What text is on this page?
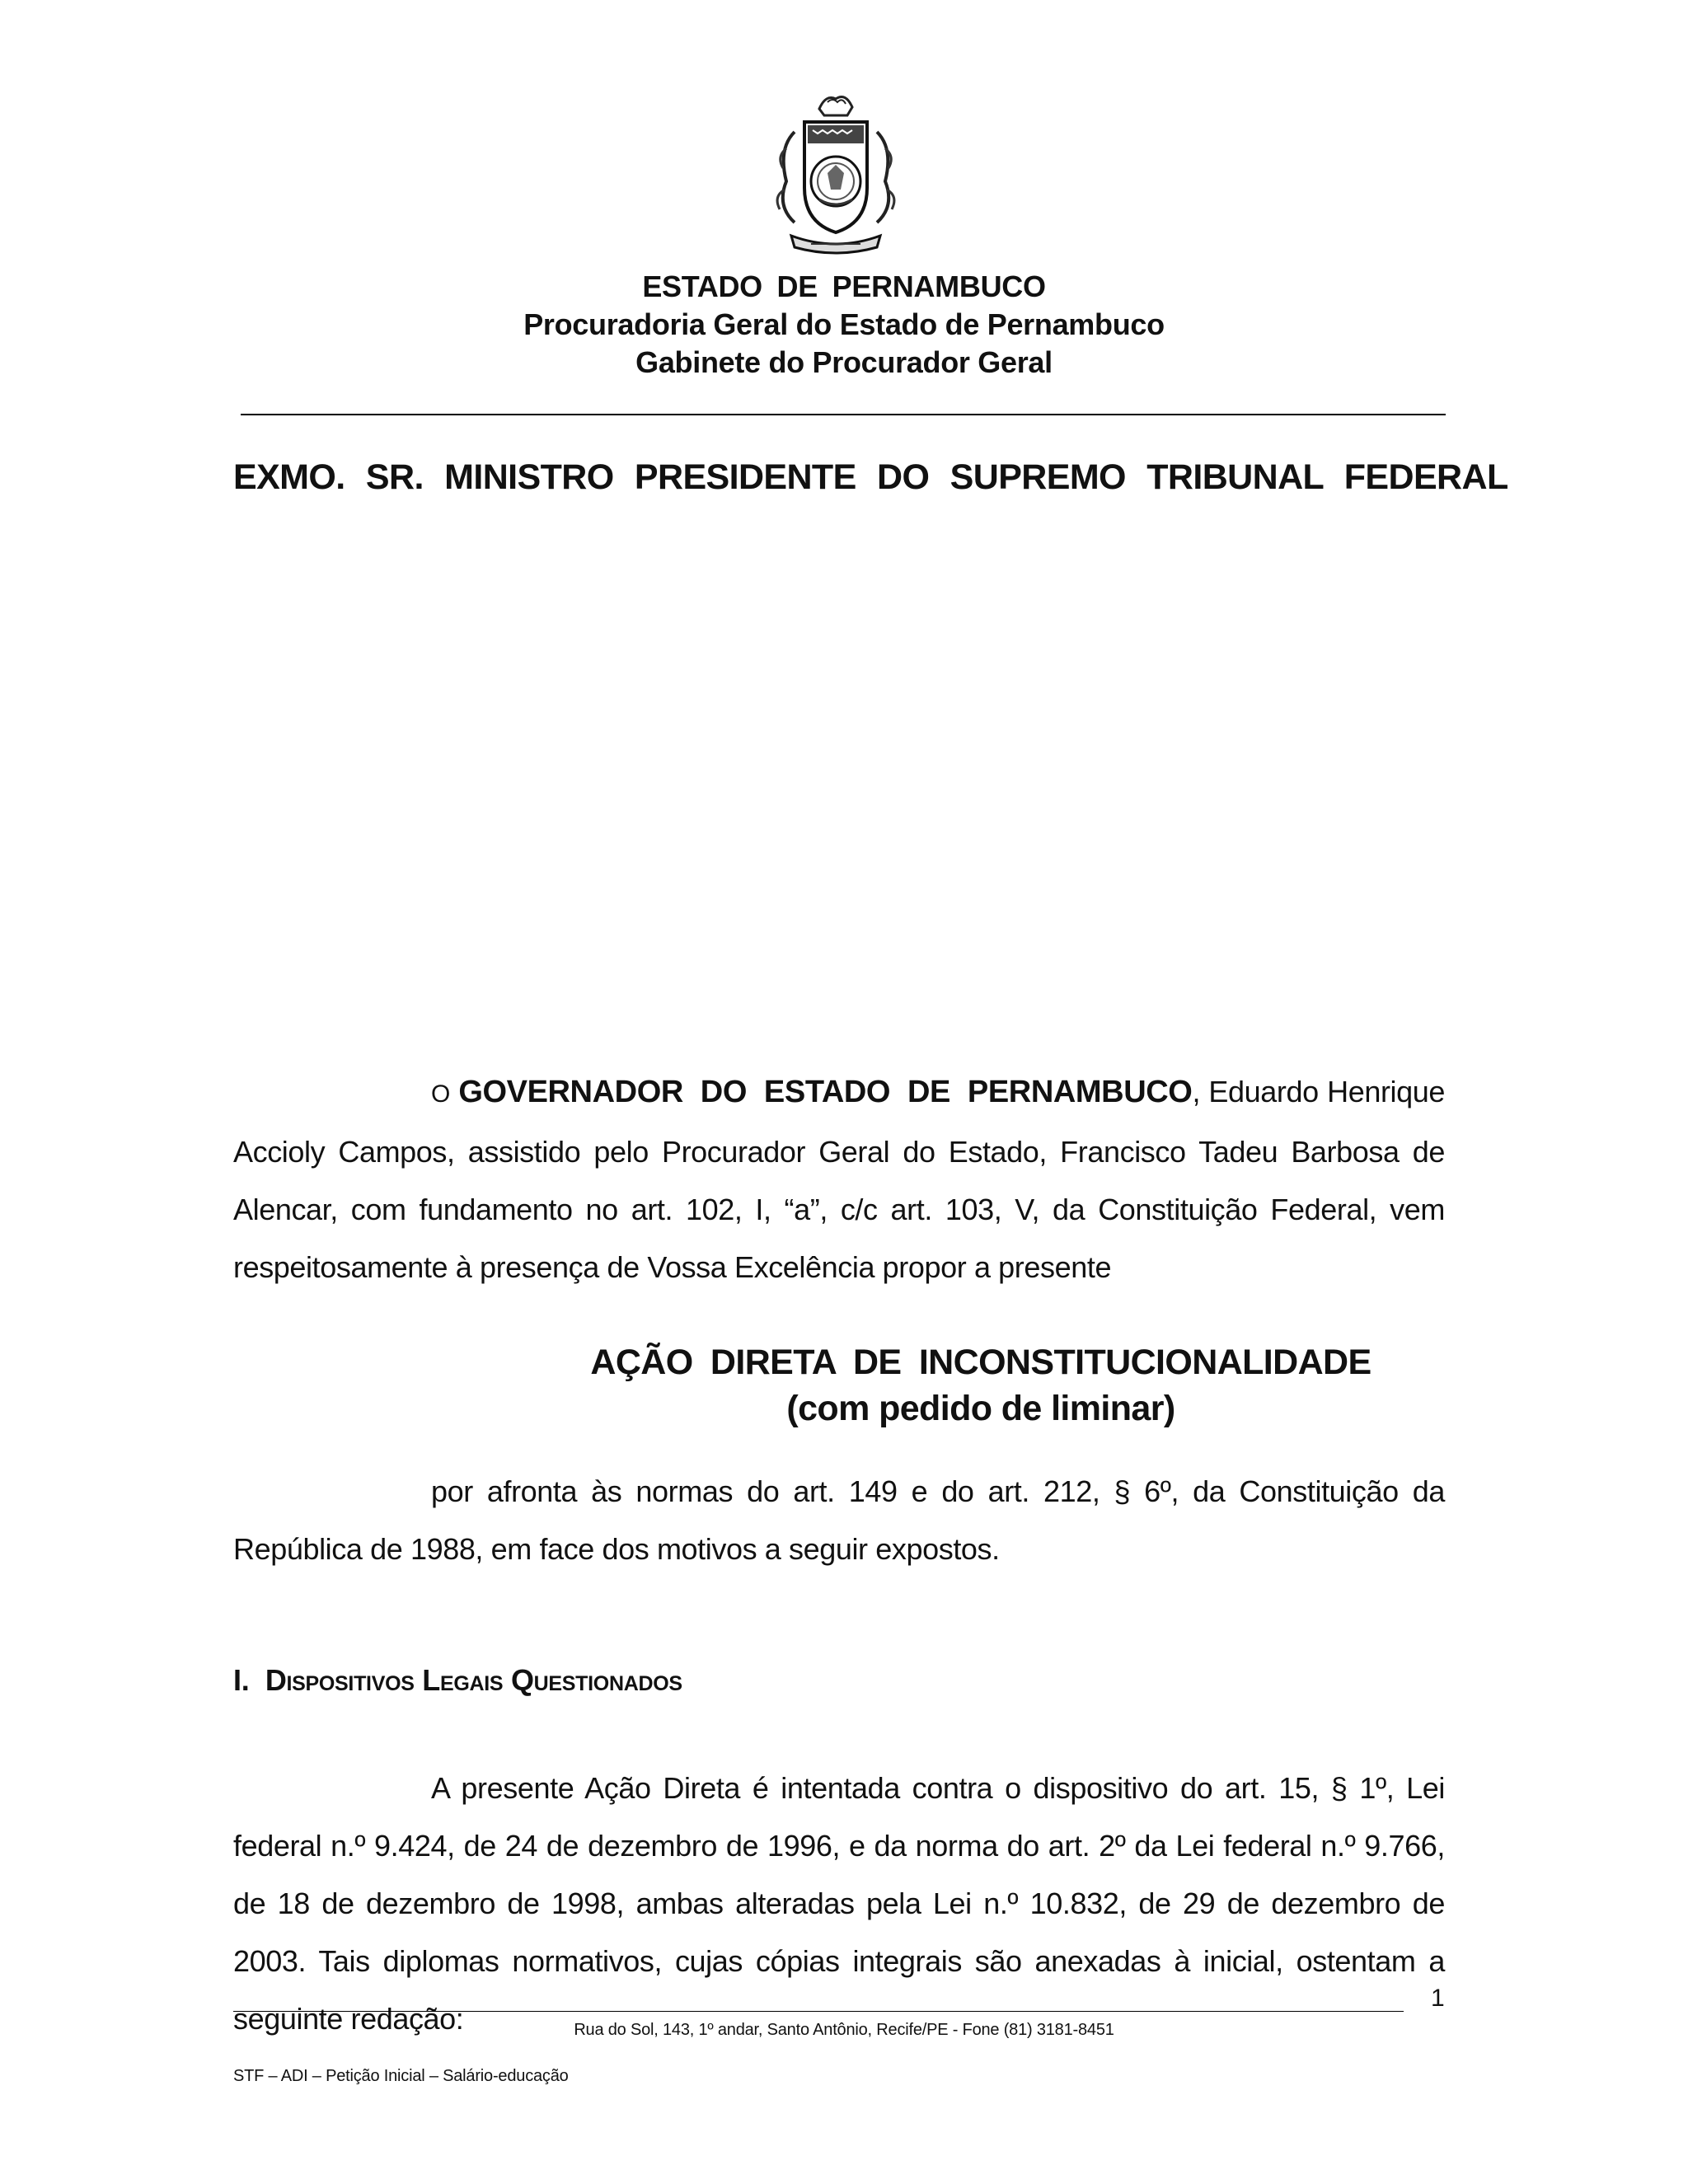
ESTADO DE PERNAMBUCO
Procuradoria Geral do Estado de Pernambuco
Gabinete do Procurador Geral
EXMO. SR. MINISTRO PRESIDENTE DO SUPREMO TRIBUNAL FEDERAL
O GOVERNADOR DO ESTADO DE PERNAMBUCO, Eduardo Henrique Accioly Campos, assistido pelo Procurador Geral do Estado, Francisco Tadeu Barbosa de Alencar, com fundamento no art. 102, I, “a”, c/c art. 103, V, da Constituição Federal, vem respeitosamente à presença de Vossa Excelência propor a presente
AÇÃO DIRETA DE INCONSTITUCIONALIDADE
(com pedido de liminar)
por afronta às normas do art. 149 e do art. 212, § 6º, da Constituição da República de 1988, em face dos motivos a seguir expostos.
I. Dispositivos Legais Questionados
A presente Ação Direta é intentada contra o dispositivo do art. 15, § 1º, Lei federal n.º 9.424, de 24 de dezembro de 1996, e da norma do art. 2º da Lei federal n.º 9.766, de 18 de dezembro de 1998, ambas alteradas pela Lei n.º 10.832, de 29 de dezembro de 2003. Tais diplomas normativos, cujas cópias integrais são anexadas à inicial, ostentam a seguinte redação:
1
Rua do Sol, 143, 1º andar, Santo Antônio, Recife/PE - Fone (81) 3181-8451
STF – ADI – Petição Inicial – Salário-educação
